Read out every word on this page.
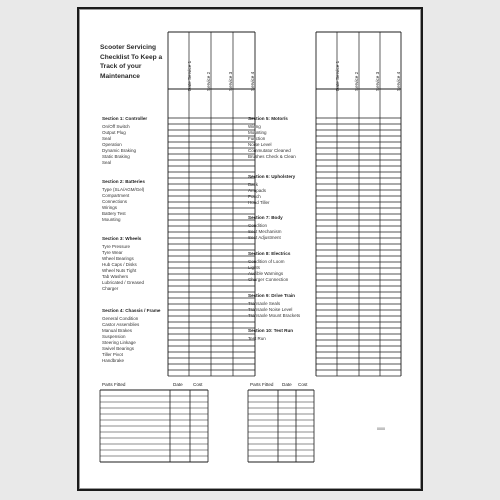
Scooter Servicing
Checklist To Keep a
Track of your
Maintenance	Date Service 1	Service 2	Service 3	Service 4	Date Service 1	Service 2	Service 3	Service 4
Section 1: Controller
On/Off Switch
Output Plug
Seal
Operation
Dynamic Braking
Static Braking
Seal
Section 2: Batteries
Type (SLA/AGM/Gel)
Compartment
Connections
Wirings
Battery Test
Mounting
Section 3: Wheels
Tyre Pressure
Tyre Wear
Wheel Bearings
Hub Caps / Disks
Wheel Nuts Tight
Tab Washers
Lubricated / Greased
Charger
Section 4: Chassis / Frame
General Condition
Castor Assemblies
Manual Brakes
Suspension
Steering Linkage
Swivel Bearings
Tiller Pivot
Handbrake
Section 5: Motor/s
Wiring
Mounting
Function
Noise Level
Commutator Cleaned
Brushes Check & Clean
Section 6: Upholstery
Back
Armpads
Pouch
Hood Tiller
Section 7: Body
Condition
Seat Mechanism
Seat Adjustment
Section 8: Electrics
Condition of Loom
Lights
Audible Warnings
Charger Connection
Section 9: Drive Train
Transaxle Seals
Transaxle Noise Level
Transaxle Mount Brackets
Section 10: Test Run
Test Run
Parts Fitted	Date Cost	Parts Fitted Date Cost
0000
